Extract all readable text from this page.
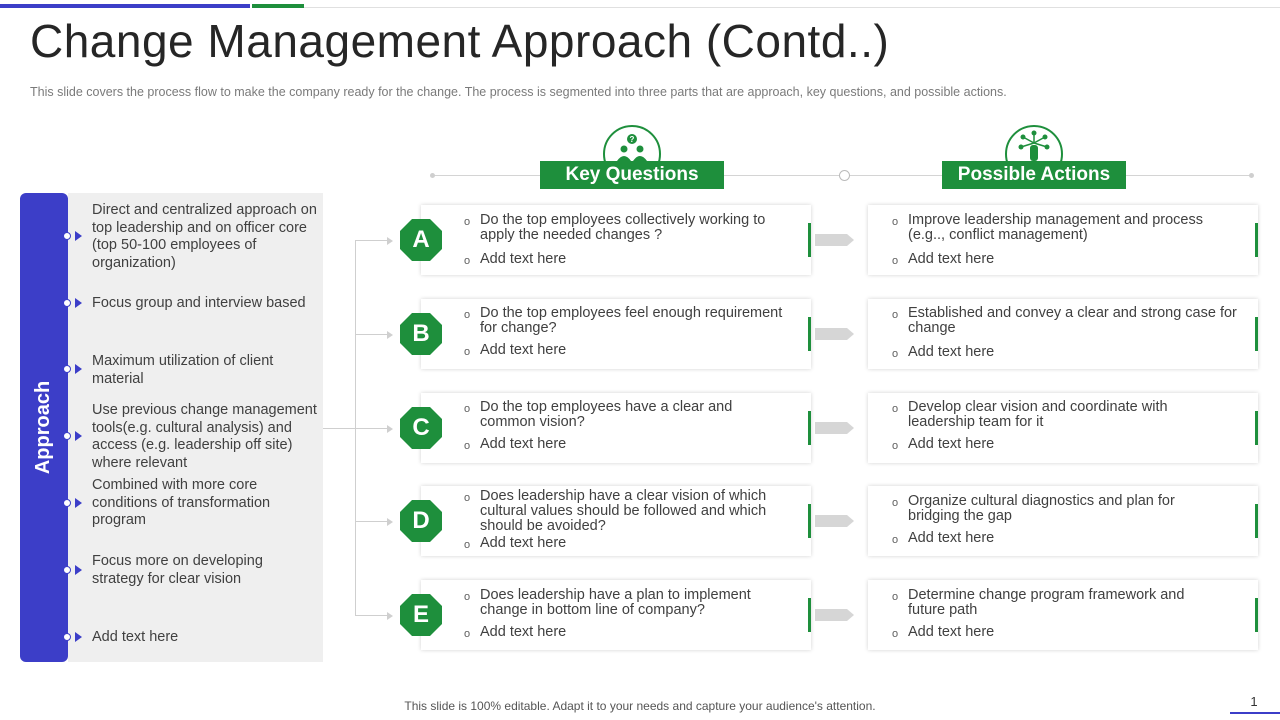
Change Management Approach (Contd..)
This slide covers the process flow to make the company ready for the change. The process is segmented into three parts that are approach, key questions, and possible actions.
Approach
Direct and centralized approach on top leadership and on officer core (top 50-100 employees of organization)
Focus group and interview based
Maximum utilization of client material
Use previous change management tools(e.g. cultural analysis) and access (e.g. leadership off site) where relevant
Combined with more core conditions of transformation program
Focus more on developing strategy for clear vision
Add text here
?
Key Questions	Possible Actions
o Do the top employees collectively working to apply the needed changes ?
o Add text here
o Improve leadership management and process (e.g.., conflict management)
o Add text here
o Do the top employees feel enough requirement for change?
o Add text here
o Established and convey a clear and strong case for change
o Add text here
o Do the top employees have a clear and common vision?
o Add text here
o Develop clear vision and coordinate with leadership team for it
o Add text here
o Does leadership have a clear vision of which cultural values should be followed and which should be avoided?
o Add text here
o Organize cultural diagnostics and plan for bridging the gap
o Add text here
o Does leadership have a plan to implement change in bottom line of company?
o Add text here
o Determine change program framework and future path
o Add text here
A
B
C
D
E
This slide is 100% editable. Adapt it to your needs and capture your audience's attention.	1
